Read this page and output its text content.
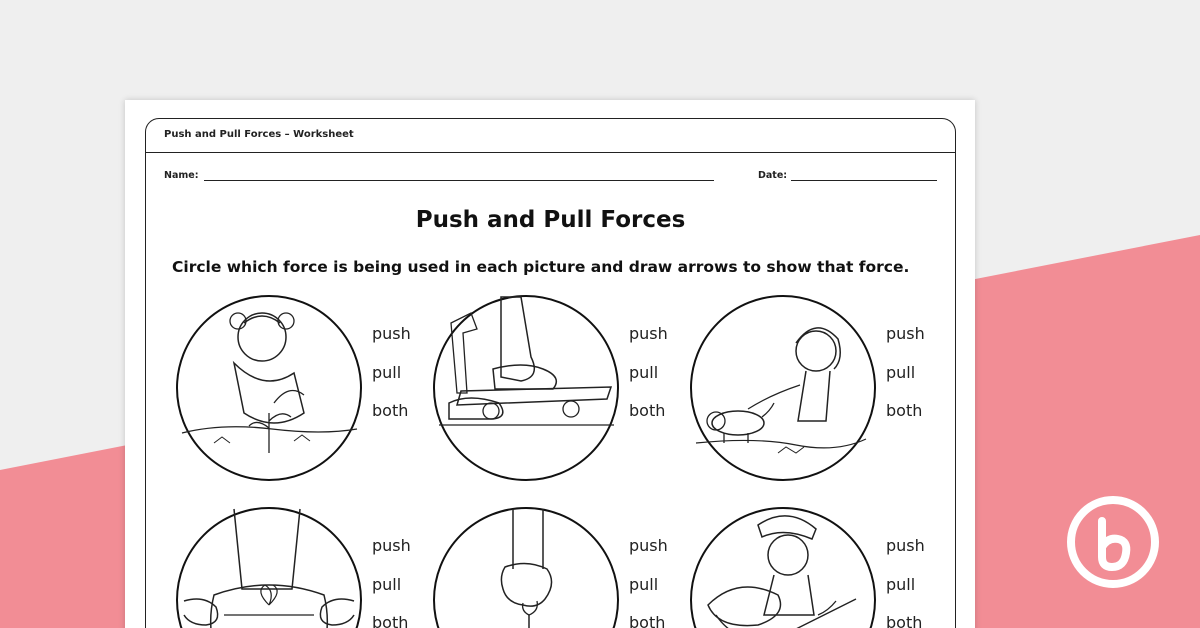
Push and Pull Forces – Worksheet
Name:	Date:
Push and Pull Forces
Circle which force is being used in each picture and draw arrows to show that force.
push
pull
both
push
pull
both
push
pull
both
push
pull
both
push
pull
both
push
pull
both
